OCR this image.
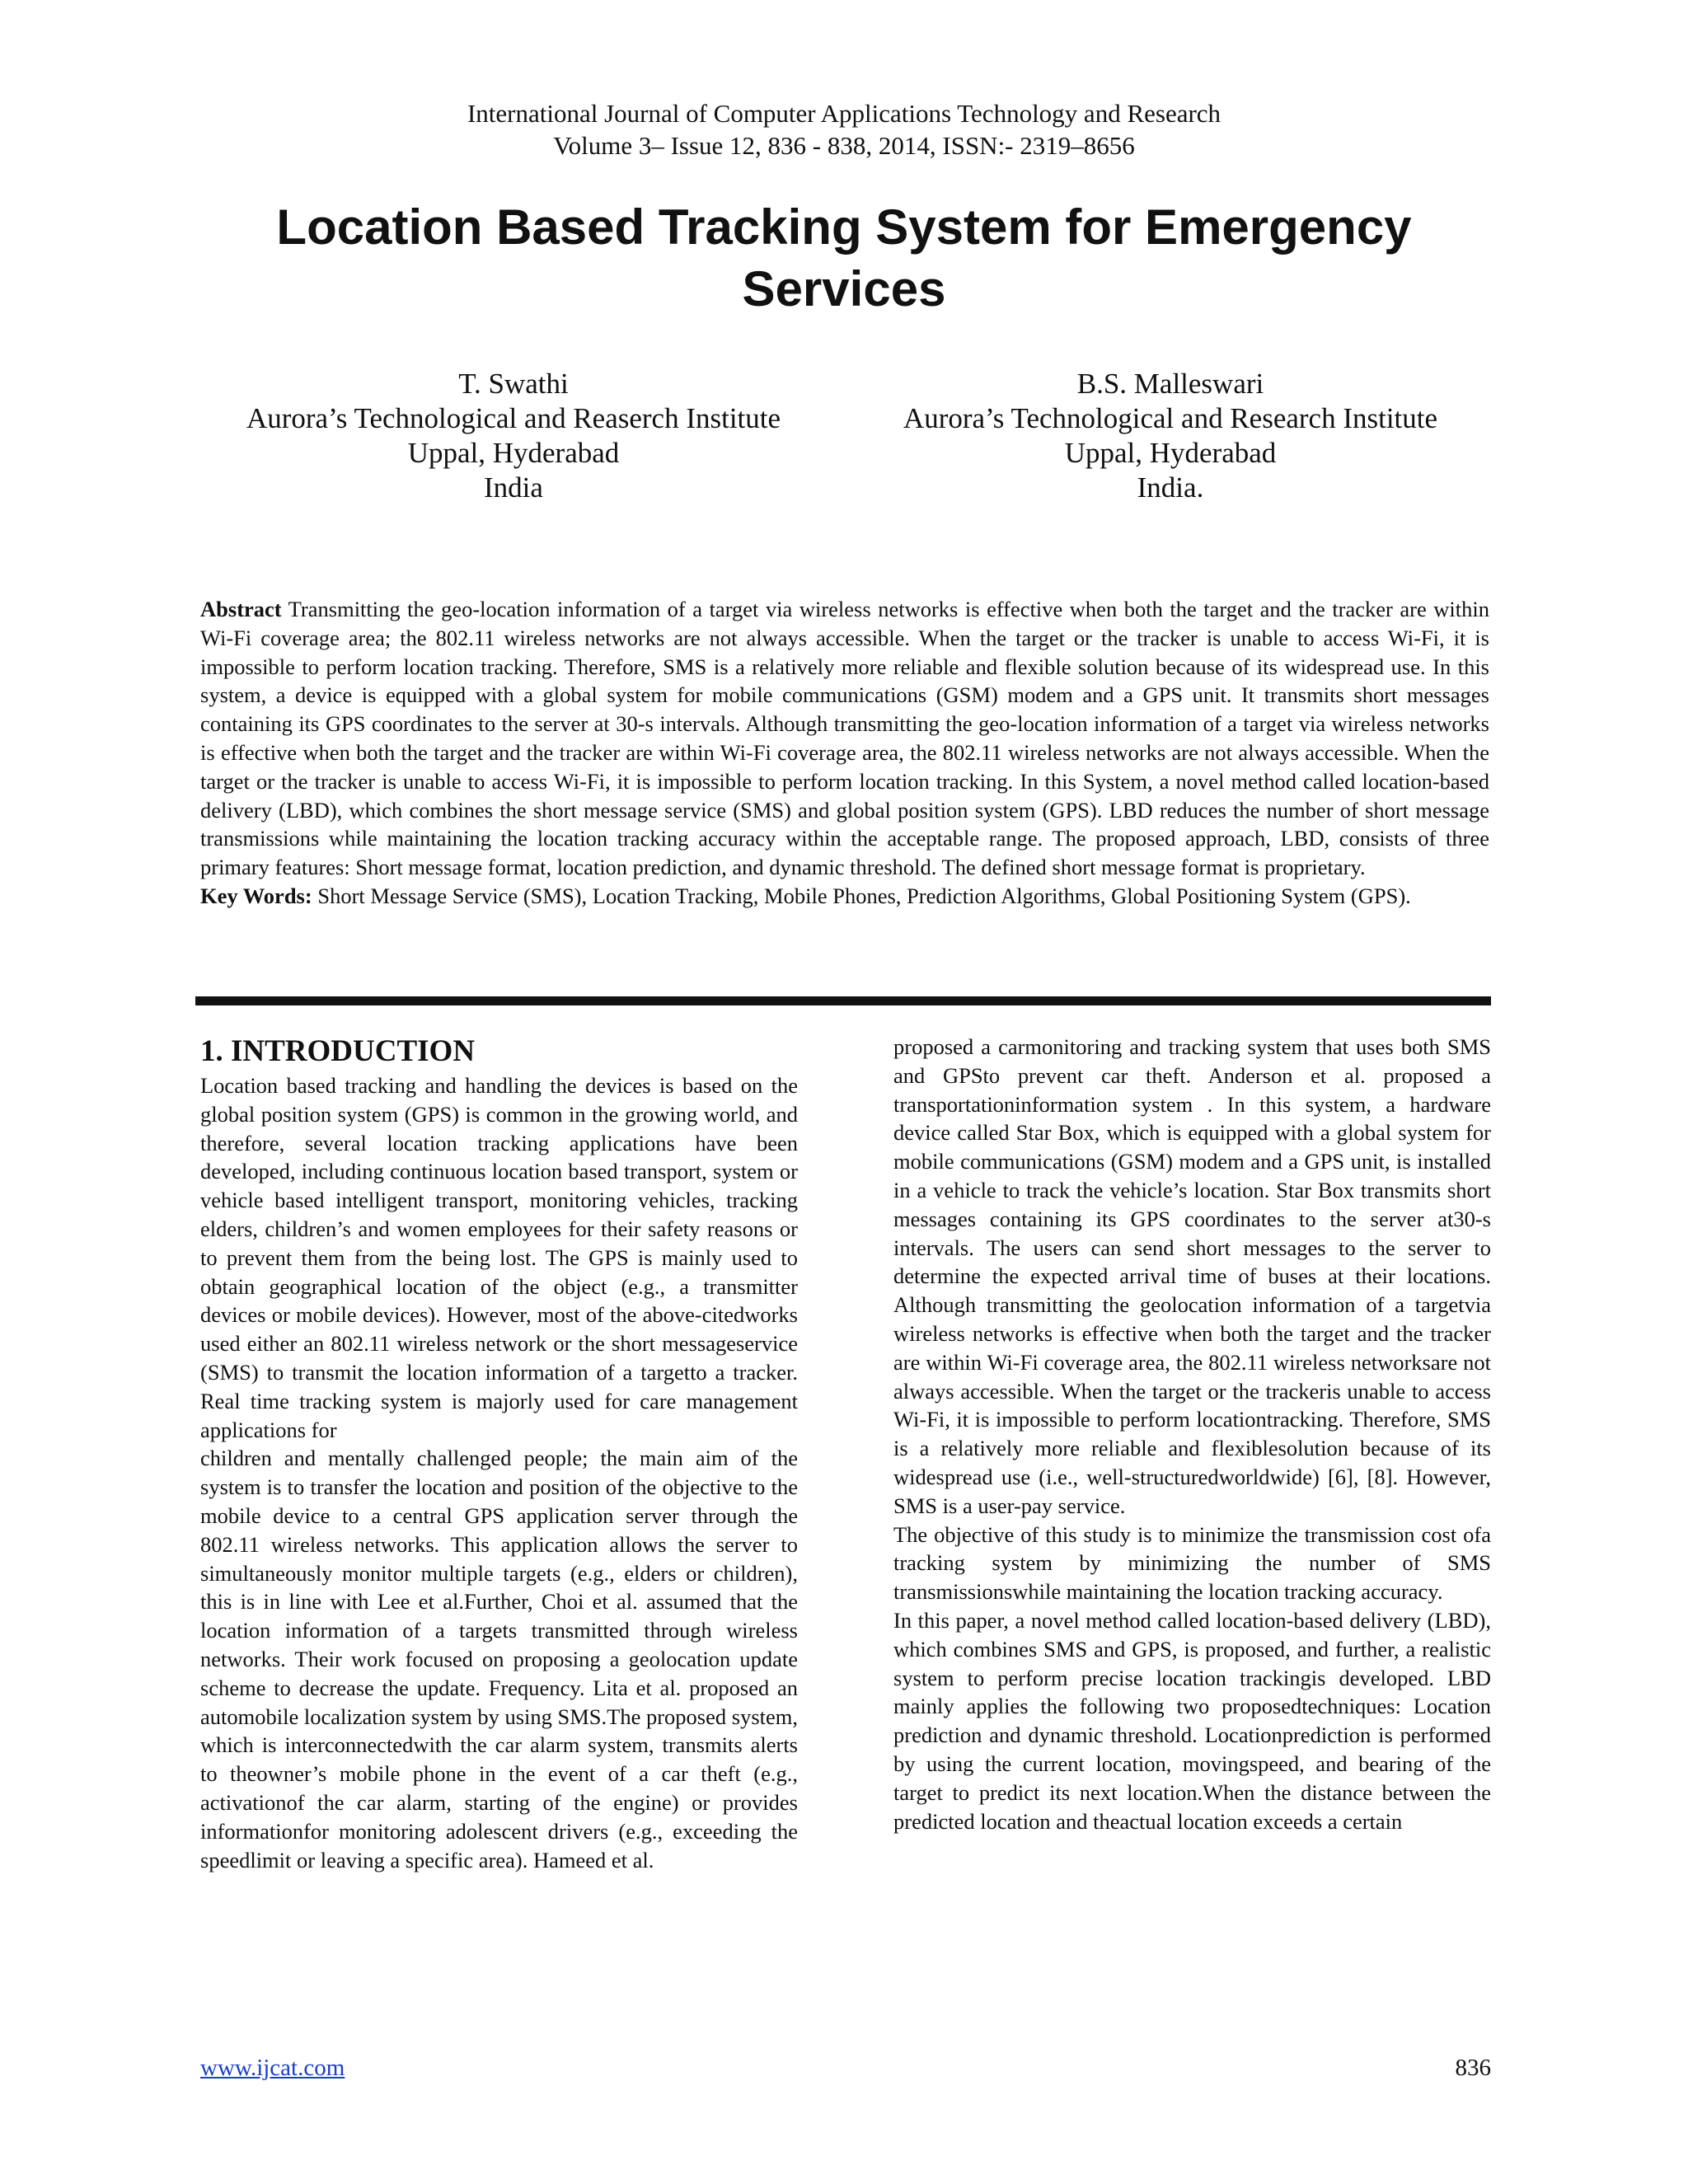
International Journal of Computer Applications Technology and Research
Volume 3– Issue 12, 836 - 838, 2014, ISSN:- 2319–8656
Location Based Tracking System for Emergency Services
T. Swathi
Aurora’s Technological and Reaserch Institute
Uppal, Hyderabad
India
B.S. Malleswari
Aurora’s Technological and Research Institute
Uppal, Hyderabad
India.

Abstract Transmitting the geo-location information of a target via wireless networks is effective when both the target and the tracker are within Wi-Fi coverage area; the 802.11 wireless networks are not always accessible. When the target or the tracker is unable to access Wi-Fi, it is impossible to perform location tracking. Therefore, SMS is a relatively more reliable and flexible solution because of its widespread use. In this system, a device is equipped with a global system for mobile communications (GSM) modem and a GPS unit. It transmits short messages containing its GPS coordinates to the server at 30-s intervals. Although transmitting the geo-location information of a target via wireless networks is effective when both the target and the tracker are within Wi-Fi coverage area, the 802.11 wireless networks are not always accessible. When the target or the tracker is unable to access Wi-Fi, it is impossible to perform location tracking. In this System, a novel method called location-based delivery (LBD), which combines the short message service (SMS) and global position system (GPS). LBD reduces the number of short message transmissions while maintaining the location tracking accuracy within the acceptable range. The proposed approach, LBD, consists of three primary features: Short message format, location prediction, and dynamic threshold. The defined short message format is proprietary.

Key Words: Short Message Service (SMS), Location Tracking, Mobile Phones, Prediction Algorithms, Global Positioning System (GPS).

1. INTRODUCTION

Location based tracking and handling the devices is based on the global position system (GPS) is common in the growing world, and therefore, several location tracking applications have been developed, including continuous location based transport, system or vehicle based intelligent transport, monitoring vehicles, tracking elders, children’s and women employees for their safety reasons or to prevent them from the being lost. The GPS is mainly used to obtain geographical location of the object (e.g., a transmitter devices or mobile devices). However, most of the above-citedworks used either an 802.11 wireless network or the short messageservice (SMS) to transmit the location information of a targetto a tracker. Real time tracking system is majorly used for care management applications for

children and mentally challenged people; the main aim of the system is to transfer the location and position of the objective to the mobile device to a central GPS application server through the 802.11 wireless networks. This application allows the server to simultaneously monitor multiple targets (e.g., elders or children), this is in line with Lee et al.Further, Choi et al. assumed that the location information of a targets transmitted through wireless networks. Their work focused on proposing a geolocation update scheme to decrease the update. Frequency. Lita et al. proposed an automobile localization system by using SMS.The proposed system, which is interconnectedwith the car alarm system, transmits alerts to theowner’s mobile phone in the event of a car theft (e.g., activationof the car alarm, starting of the engine) or provides informationfor monitoring adolescent drivers (e.g., exceeding the speedlimit or leaving a specific area). Hameed et al.

proposed a carmonitoring and tracking system that uses both SMS and GPSto prevent car theft. Anderson et al. proposed a transportationinformation system . In this system, a hardware device called Star Box, which is equipped with a global system for mobile communications (GSM) modem and a GPS unit, is installed in a vehicle to track the vehicle’s location. Star Box transmits short messages containing its GPS coordinates to the server at30-s intervals. The users can send short messages to the server to determine the expected arrival time of buses at their locations. Although transmitting the geolocation information of a targetvia wireless networks is effective when both the target and the tracker are within Wi-Fi coverage area, the 802.11 wireless networksare not always accessible. When the target or the trackeris unable to access Wi-Fi, it is impossible to perform locationtracking. Therefore, SMS is a relatively more reliable and flexiblesolution because of its widespread use (i.e., well-structuredworldwide) [6], [8]. However, SMS is a user-pay service.

The objective of this study is to minimize the transmission cost ofa tracking system by minimizing the number of SMS transmissionswhile maintaining the location tracking accuracy.

In this paper, a novel method called location-based delivery (LBD), which combines SMS and GPS, is proposed, and further, a realistic system to perform precise location trackingis developed. LBD mainly applies the following two proposedtechniques: Location prediction and dynamic threshold. Locationprediction is performed by using the current location, movingspeed, and bearing of the target to predict its next location.When the distance between the predicted location and theactual location exceeds a certain

www.ijcat.com	836
